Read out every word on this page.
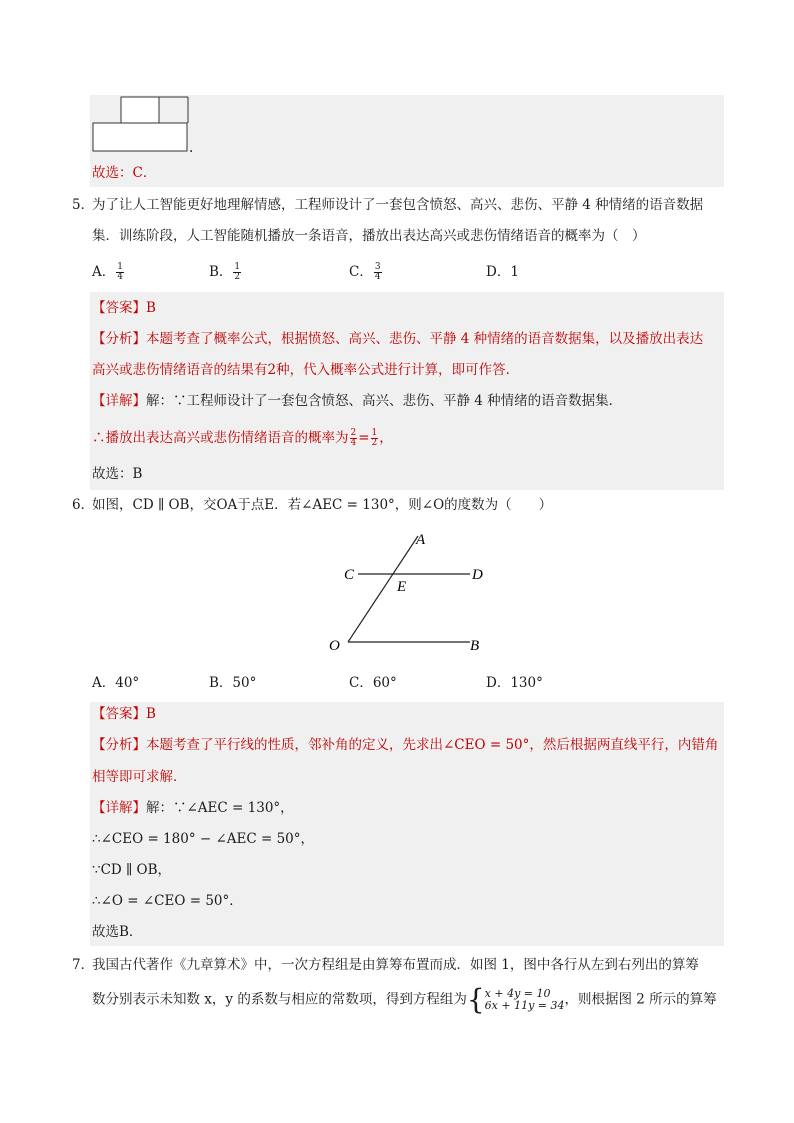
.
故选：C．
5．
为了让人工智能更好地理解情感，工程师设计了一套包含愤怒、高兴、悲伤、平静 4 种情绪的语音数据
集．训练阶段，人工智能随机播放一条语音，播放出表达高兴或悲伤情绪语音的概率为（　）
A． $\frac{1}{4}$	B． $\frac{1}{2}$	C． $\frac{3}{4}$	D．1
【答案】B
【分析】本题考查了概率公式，根据愤怒、高兴、悲伤、平静 4 种情绪的语音数据集，以及播放出表达
高兴或悲伤情绪语音的结果有2种，代入概率公式进行计算，即可作答．
【详解】解：∵工程师设计了一套包含愤怒、高兴、悲伤、平静 4 种情绪的语音数据集．
∴播放出表达高兴或悲伤情绪语音的概率为 $\frac{2}{4} = \frac{1}{2}$ ，
故选：B
6．
如图，CD ∥ OB，交OA于点E．若∠AEC = 130°，则∠O的度数为（　　）
A
C
E
D
O	B
A．40°	B．50°	C．60°	D．130°
【答案】B
【分析】本题考查了平行线的性质，邻补角的定义，先求出∠CEO = 50°，然后根据两直线平行，内错角
相等即可求解．
【详解】解：∵∠AEC = 130°，
∴∠CEO = 180° − ∠AEC = 50°，
∵CD ∥ OB，
∴∠O = ∠CEO = 50°．
故选B．
7．
我国古代著作《九章算术》中，一次方程组是由算筹布置而成．如图 1，图中各行从左到右列出的算筹
数分别表示未知数 x，y 的系数与相应的常数项，得到方程组为 { x + 4y = 10
6x + 11y = 34 ，则根据图 2 所示的算筹
